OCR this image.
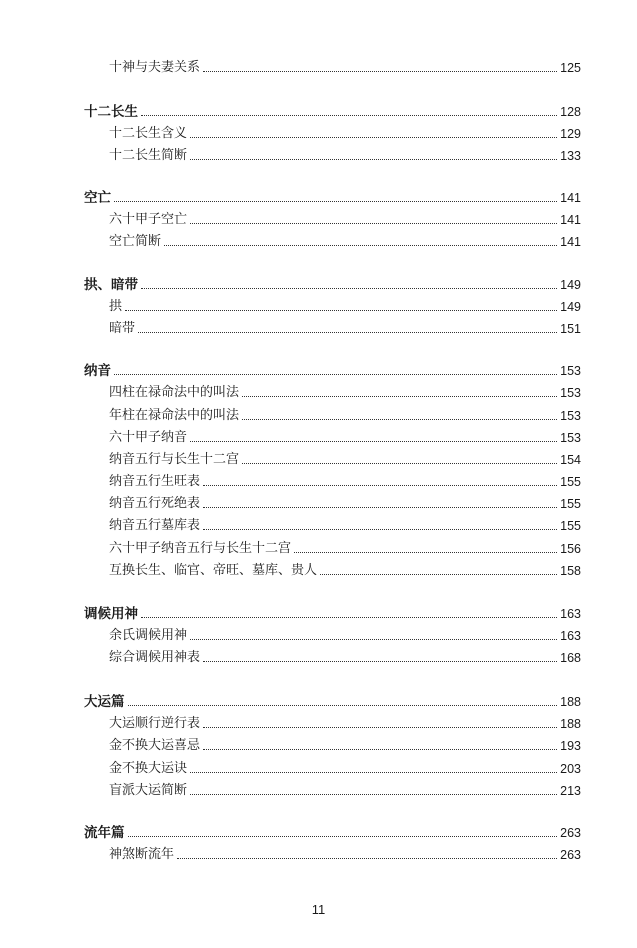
十神与夫妻关系	125
十二长生	128
十二长生含义	129
十二长生简断	133
空亡	141
六十甲子空亡	141
空亡简断	141
拱、暗带	149
拱	149
暗带	151
纳音	153
四柱在禄命法中的叫法	153
年柱在禄命法中的叫法	153
六十甲子纳音	153
纳音五行与长生十二宫	154
纳音五行生旺表	155
纳音五行死绝表	155
纳音五行墓库表	155
六十甲子纳音五行与长生十二宫	156
互换长生、临官、帝旺、墓库、贵人	158
调候用神	163
余氏调候用神	163
综合调候用神表	168
大运篇	188
大运顺行逆行表	188
金不换大运喜忌	193
金不换大运诀	203
盲派大运简断	213
流年篇	263
神煞断流年	263
11
